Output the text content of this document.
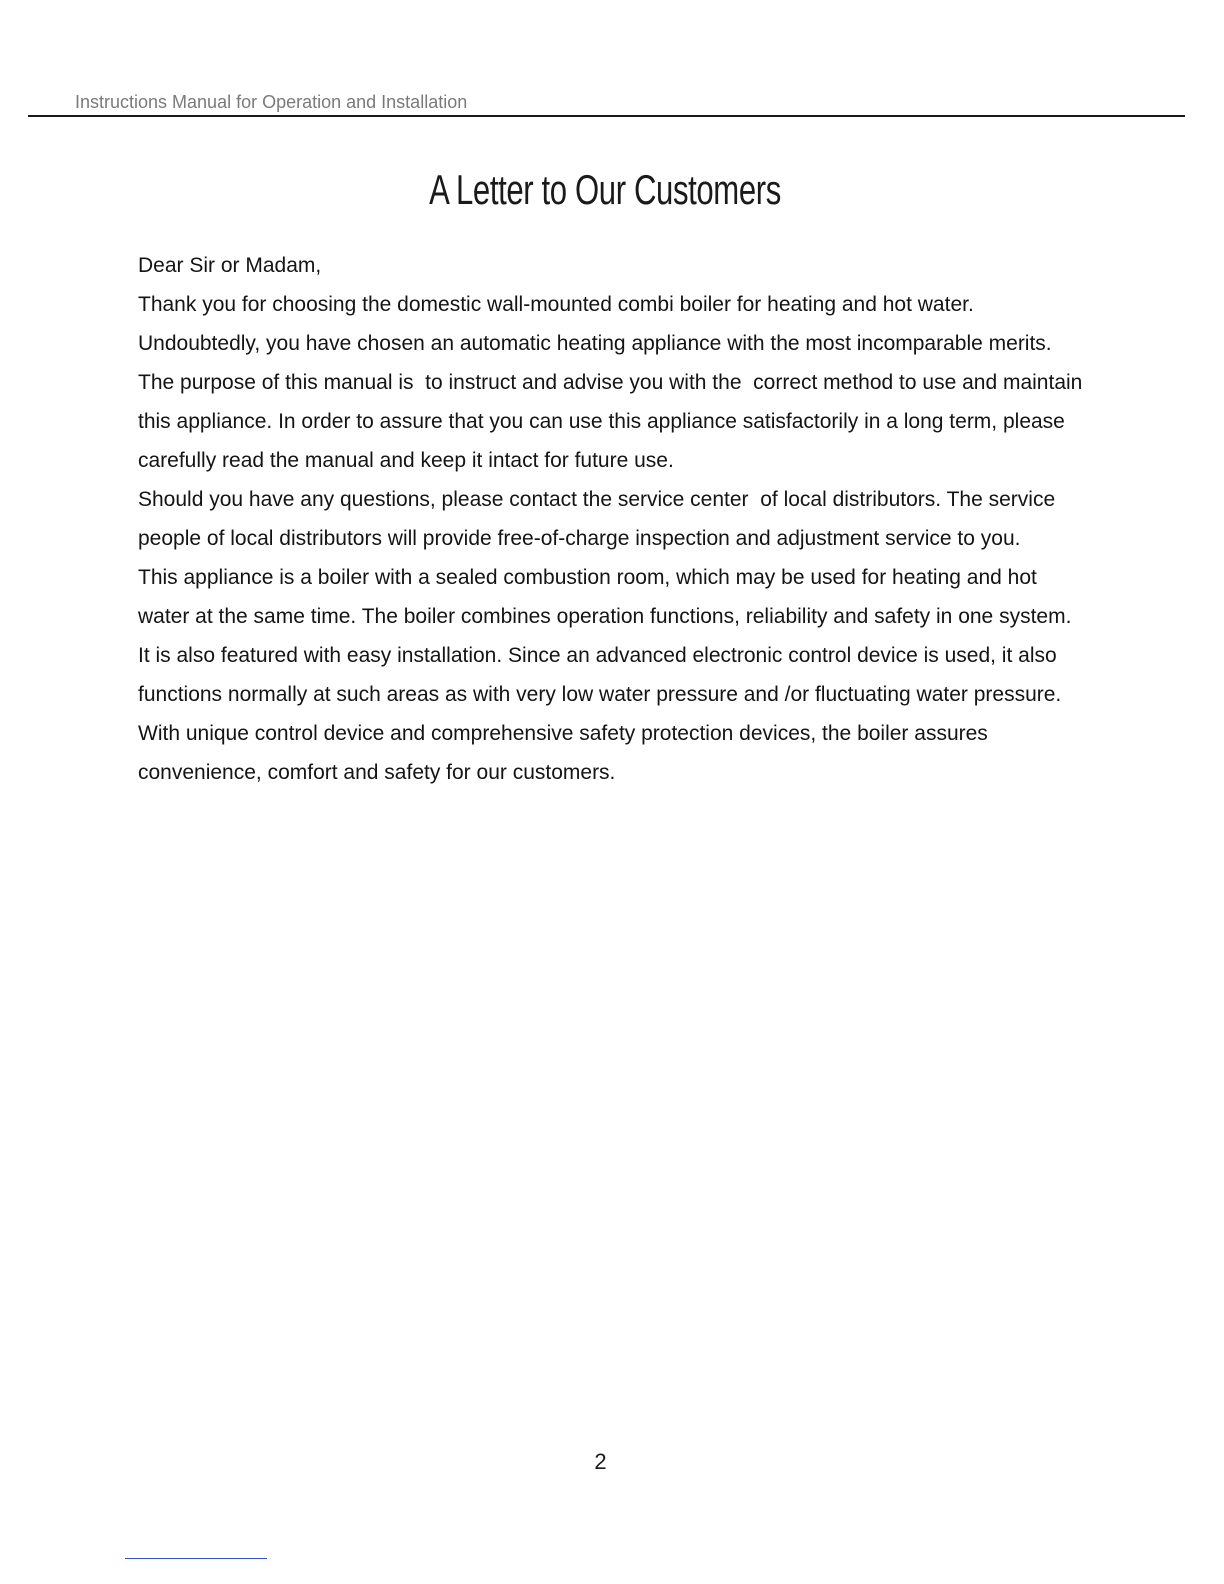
Instructions Manual for Operation and Installation
A Letter to Our Customers

Dear Sir or Madam,

Thank you for choosing the domestic wall-mounted combi boiler for heating and hot water. Undoubtedly, you have chosen an automatic heating appliance with the most incomparable merits.

The purpose of this manual is  to instruct and advise you with the  correct method to use and maintain this appliance. In order to assure that you can use this appliance satisfactorily in a long term, please carefully read the manual and keep it intact for future use.

Should you have any questions, please contact the service center  of local distributors. The service people of local distributors will provide free-of-charge inspection and adjustment service to you.

This appliance is a boiler with a sealed combustion room, which may be used for heating and hot water at the same time. The boiler combines operation functions, reliability and safety in one system. It is also featured with easy installation. Since an advanced electronic control device is used, it also functions normally at such areas as with very low water pressure and /or fluctuating water pressure. With unique control device and comprehensive safety protection devices, the boiler assures convenience, comfort and safety for our customers.

2
